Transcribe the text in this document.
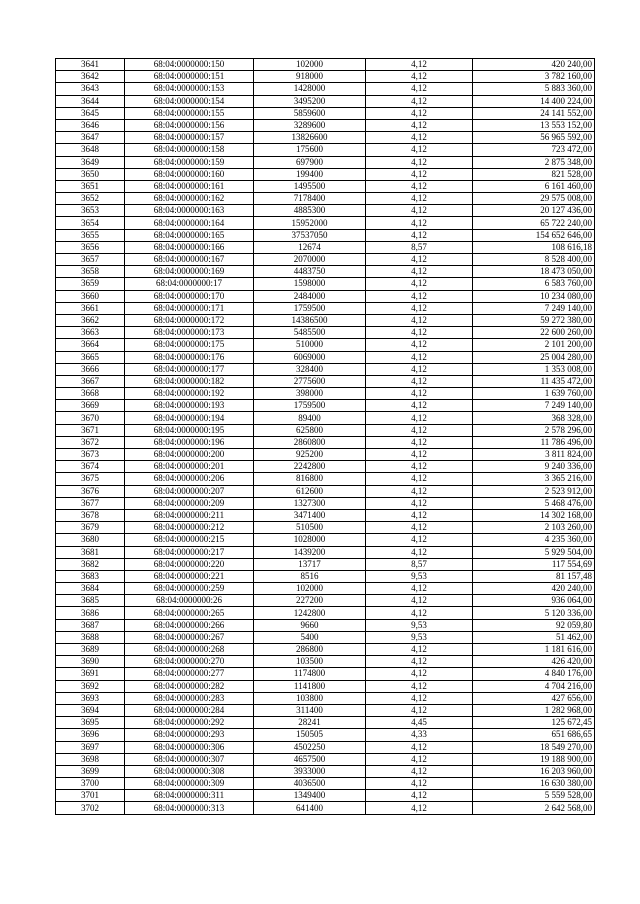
3641	68:04:0000000:150	102000	4,12	420 240,00
3642	68:04:0000000:151	918000	4,12	3 782 160,00
3643	68:04:0000000:153	1428000	4,12	5 883 360,00
3644	68:04:0000000:154	3495200	4,12	14 400 224,00
3645	68:04:0000000:155	5859600	4,12	24 141 552,00
3646	68:04:0000000:156	3289600	4,12	13 553 152,00
3647	68:04:0000000:157	13826600	4,12	56 965 592,00
3648	68:04:0000000:158	175600	4,12	723 472,00
3649	68:04:0000000:159	697900	4,12	2 875 348,00
3650	68:04:0000000:160	199400	4,12	821 528,00
3651	68:04:0000000:161	1495500	4,12	6 161 460,00
3652	68:04:0000000:162	7178400	4,12	29 575 008,00
3653	68:04:0000000:163	4885300	4,12	20 127 436,00
3654	68:04:0000000:164	15952000	4,12	65 722 240,00
3655	68:04:0000000:165	37537050	4,12	154 652 646,00
3656	68:04:0000000:166	12674	8,57	108 616,18
3657	68:04:0000000:167	2070000	4,12	8 528 400,00
3658	68:04:0000000:169	4483750	4,12	18 473 050,00
3659	68:04:0000000:17	1598000	4,12	6 583 760,00
3660	68:04:0000000:170	2484000	4,12	10 234 080,00
3661	68:04:0000000:171	1759500	4,12	7 249 140,00
3662	68:04:0000000:172	14386500	4,12	59 272 380,00
3663	68:04:0000000:173	5485500	4,12	22 600 260,00
3664	68:04:0000000:175	510000	4,12	2 101 200,00
3665	68:04:0000000:176	6069000	4,12	25 004 280,00
3666	68:04:0000000:177	328400	4,12	1 353 008,00
3667	68:04:0000000:182	2775600	4,12	11 435 472,00
3668	68:04:0000000:192	398000	4,12	1 639 760,00
3669	68:04:0000000:193	1759500	4,12	7 249 140,00
3670	68:04:0000000:194	89400	4,12	368 328,00
3671	68:04:0000000:195	625800	4,12	2 578 296,00
3672	68:04:0000000:196	2860800	4,12	11 786 496,00
3673	68:04:0000000:200	925200	4,12	3 811 824,00
3674	68:04:0000000:201	2242800	4,12	9 240 336,00
3675	68:04:0000000:206	816800	4,12	3 365 216,00
3676	68:04:0000000:207	612600	4,12	2 523 912,00
3677	68:04:0000000:209	1327300	4,12	5 468 476,00
3678	68:04:0000000:211	3471400	4,12	14 302 168,00
3679	68:04:0000000:212	510500	4,12	2 103 260,00
3680	68:04:0000000:215	1028000	4,12	4 235 360,00
3681	68:04:0000000:217	1439200	4,12	5 929 504,00
3682	68:04:0000000:220	13717	8,57	117 554,69
3683	68:04:0000000:221	8516	9,53	81 157,48
3684	68:04:0000000:259	102000	4,12	420 240,00
3685	68:04:0000000:26	227200	4,12	936 064,00
3686	68:04:0000000:265	1242800	4,12	5 120 336,00
3687	68:04:0000000:266	9660	9,53	92 059,80
3688	68:04:0000000:267	5400	9,53	51 462,00
3689	68:04:0000000:268	286800	4,12	1 181 616,00
3690	68:04:0000000:270	103500	4,12	426 420,00
3691	68:04:0000000:277	1174800	4,12	4 840 176,00
3692	68:04:0000000:282	1141800	4,12	4 704 216,00
3693	68:04:0000000:283	103800	4,12	427 656,00
3694	68:04:0000000:284	311400	4,12	1 282 968,00
3695	68:04:0000000:292	28241	4,45	125 672,45
3696	68:04:0000000:293	150505	4,33	651 686,65
3697	68:04:0000000:306	4502250	4,12	18 549 270,00
3698	68:04:0000000:307	4657500	4,12	19 188 900,00
3699	68:04:0000000:308	3933000	4,12	16 203 960,00
3700	68:04:0000000:309	4036500	4,12	16 630 380,00
3701	68:04:0000000:311	1349400	4,12	5 559 528,00
3702	68:04:0000000:313	641400	4,12	2 642 568,00
